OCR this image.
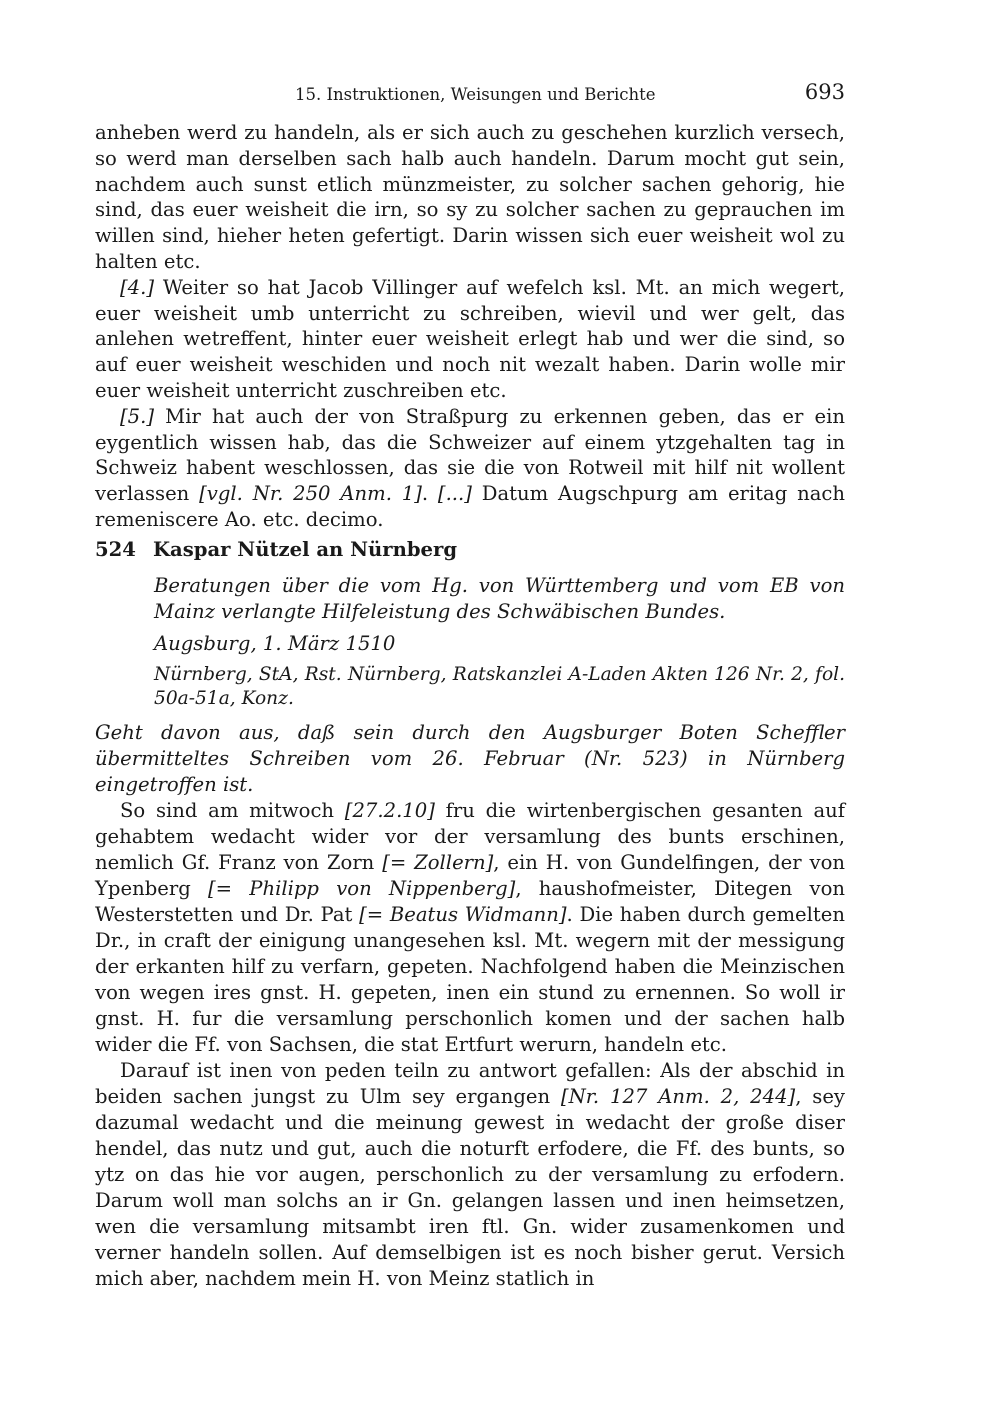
15. Instruktionen, Weisungen und Berichte	693

anheben werd zu handeln, als er sich auch zu geschehen kurzlich versech, so werd man derselben sach halb auch handeln. Darum mocht gut sein, nachdem auch sunst etlich münzmeister, zu solcher sachen gehorig, hie sind, das euer weisheit die irn, so sy zu solcher sachen zu geprauchen im willen sind, hieher heten gefertigt. Darin wissen sich euer weisheit wol zu halten etc.

[4.] Weiter so hat Jacob Villinger auf wefelch ksl. Mt. an mich wegert, euer weisheit umb unterricht zu schreiben, wievil und wer gelt, das anlehen wetreffent, hinter euer weisheit erlegt hab und wer die sind, so auf euer weisheit weschiden und noch nit wezalt haben. Darin wolle mir euer weisheit unterricht zuschreiben etc.

[5.] Mir hat auch der von Straßpurg zu erkennen geben, das er ein eygentlich wissen hab, das die Schweizer auf einem ytzgehalten tag in Schweiz habent weschlossen, das sie die von Rotweil mit hilf nit wollent verlassen [vgl. Nr. 250 Anm. 1]. [...] Datum Augschpurg am eritag nach remeniscere Ao. etc. decimo.

524 Kaspar Nützel an Nürnberg
Beratungen über die vom Hg. von Württemberg und vom EB von Mainz verlangte Hilfeleistung des Schwäbischen Bundes.
Augsburg, 1. März 1510
Nürnberg, StA, Rst. Nürnberg, Ratskanzlei A-Laden Akten 126 Nr. 2, fol. 50a-51a, Konz.

Geht davon aus, daß sein durch den Augsburger Boten Scheffler übermitteltes Schreiben vom 26. Februar (Nr. 523) in Nürnberg eingetroffen ist.

So sind am mitwoch [27.2.10] fru die wirtenbergischen gesanten auf gehabtem wedacht wider vor der versamlung des bunts erschinen, nemlich Gf. Franz von Zorn [= Zollern], ein H. von Gundelfingen, der von Ypenberg [= Philipp von Nippenberg], haushofmeister, Ditegen von Westerstetten und Dr. Pat [= Beatus Widmann]. Die haben durch gemelten Dr., in craft der einigung unangesehen ksl. Mt. wegern mit der messigung der erkanten hilf zu verfarn, gepeten. Nachfolgend haben die Meinzischen von wegen ires gnst. H. gepeten, inen ein stund zu ernennen. So woll ir gnst. H. fur die versamlung perschonlich komen und der sachen halb wider die Ff. von Sachsen, die stat Ertfurt werurn, handeln etc.

Darauf ist inen von peden teiln zu antwort gefallen: Als der abschid in beiden sachen jungst zu Ulm sey ergangen [Nr. 127 Anm. 2, 244], sey dazumal wedacht und die meinung gewest in wedacht der große diser hendel, das nutz und gut, auch die noturft erfodere, die Ff. des bunts, so ytz on das hie vor augen, perschonlich zu der versamlung zu erfodern. Darum woll man solchs an ir Gn. gelangen lassen und inen heimsetzen, wen die versamlung mitsambt iren ftl. Gn. wider zusamenkomen und verner handeln sollen. Auf demselbigen ist es noch bisher gerut. Versich mich aber, nachdem mein H. von Meinz statlich in
